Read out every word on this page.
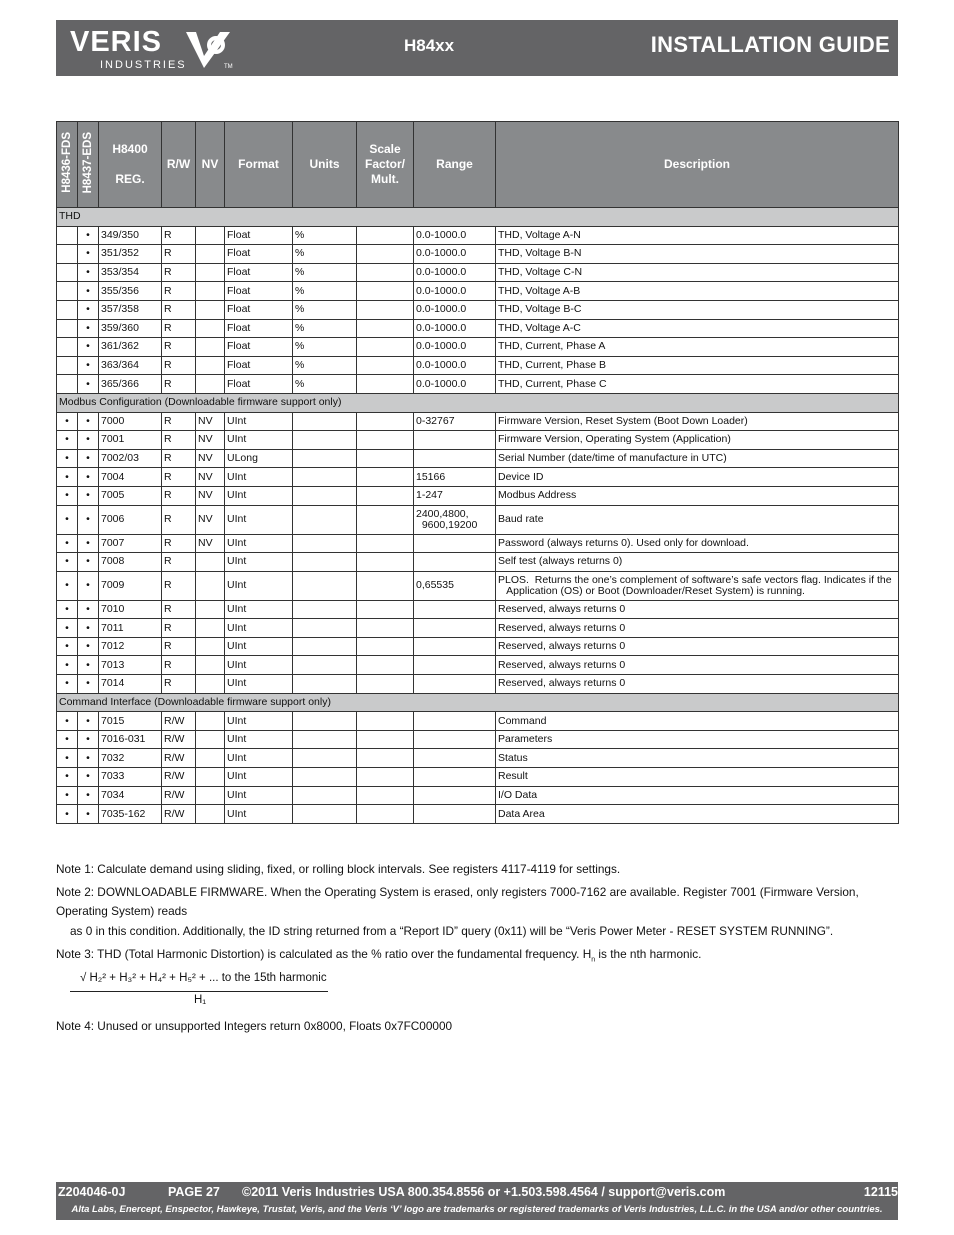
VERIS
INDUSTRIES	TM
H84xx	INSTALLATION GUIDE
H8436-FDS	H8437-EDS	H8400

REG.	R/W	NV	Format	Units	Scale Factor/ Mult.	Range	Description
THD									
	•	349/350	R		Float	%		0.0-1000.0	THD, Voltage A-N
	•	351/352	R		Float	%		0.0-1000.0	THD, Voltage B-N
	•	353/354	R		Float	%		0.0-1000.0	THD, Voltage C-N
	•	355/356	R		Float	%		0.0-1000.0	THD, Voltage A-B
	•	357/358	R		Float	%		0.0-1000.0	THD, Voltage B-C
	•	359/360	R		Float	%		0.0-1000.0	THD, Voltage A-C
	•	361/362	R		Float	%		0.0-1000.0	THD, Current, Phase A
	•	363/364	R		Float	%		0.0-1000.0	THD, Current, Phase B
	•	365/366	R		Float	%		0.0-1000.0	THD, Current, Phase C
Modbus Configuration (Downloadable firmware support only)									
•	•	7000	R	NV	UInt			0-32767	Firmware Version, Reset System (Boot Down Loader)
•	•	7001	R	NV	UInt				Firmware Version, Operating System (Application)
•	•	7002/03	R	NV	ULong				Serial Number (date/time of manufacture in UTC)
•	•	7004	R	NV	UInt			15166	Device ID
•	•	7005	R	NV	UInt			1-247	Modbus Address
•	•	7006	R	NV	UInt			2400,4800,
9600,19200	Baud rate
•	•	7007	R	NV	UInt				Password (always returns 0). Used only for download.
•	•	7008	R		UInt				Self test (always returns 0)
•	•	7009	R		UInt			0,65535	PLOS.  Returns the one’s complement of software’s safe vectors flag. Indicates if the
Application (OS) or Boot (Downloader/Reset System) is running.
•	•	7010	R		UInt				Reserved, always returns 0
•	•	7011	R		UInt				Reserved, always returns 0
•	•	7012	R		UInt				Reserved, always returns 0
•	•	7013	R		UInt				Reserved, always returns 0
•	•	7014	R		UInt				Reserved, always returns 0
Command Interface (Downloadable firmware support only)									
•	•	7015	R/W		UInt				Command
•	•	7016-031	R/W		UInt				Parameters
•	•	7032	R/W		UInt				Status
•	•	7033	R/W		UInt				Result
•	•	7034	R/W		UInt				I/O Data
•	•	7035-162	R/W		UInt				Data Area
Note 1: Calculate demand using sliding, fixed, or rolling block intervals. See registers 4117-4119 for settings.
Note 2: DOWNLOADABLE FIRMWARE. When the Operating System is erased, only registers 7000-7162 are available. Register 7001 (Firmware Version, Operating System) reads
as 0 in this condition. Additionally, the ID string returned from a “Report ID” query (0x11) will be “Veris Power Meter - RESET SYSTEM RUNNING”.
Note 3: THD (Total Harmonic Distortion) is calculated as the % ratio over the fundamental frequency. $H_n$ is the nth harmonic.
√ H₂² + H₃² + H₄² + H₅² + ... to the 15th harmonic
H₁
Note 4: Unused or unsupported Integers return 0x8000, Floats 0x7FC00000
Z204046-0J	PAGE 27 ©2011 Veris Industries USA 800.354.8556 or +1.503.598.4564 / support@veris.com	12115
Alta Labs, Enercept, Enspector, Hawkeye, Trustat, Veris, and the Veris ‘V’ logo are trademarks or registered trademarks of Veris Industries, L.L.C. in the USA and/or other countries.
